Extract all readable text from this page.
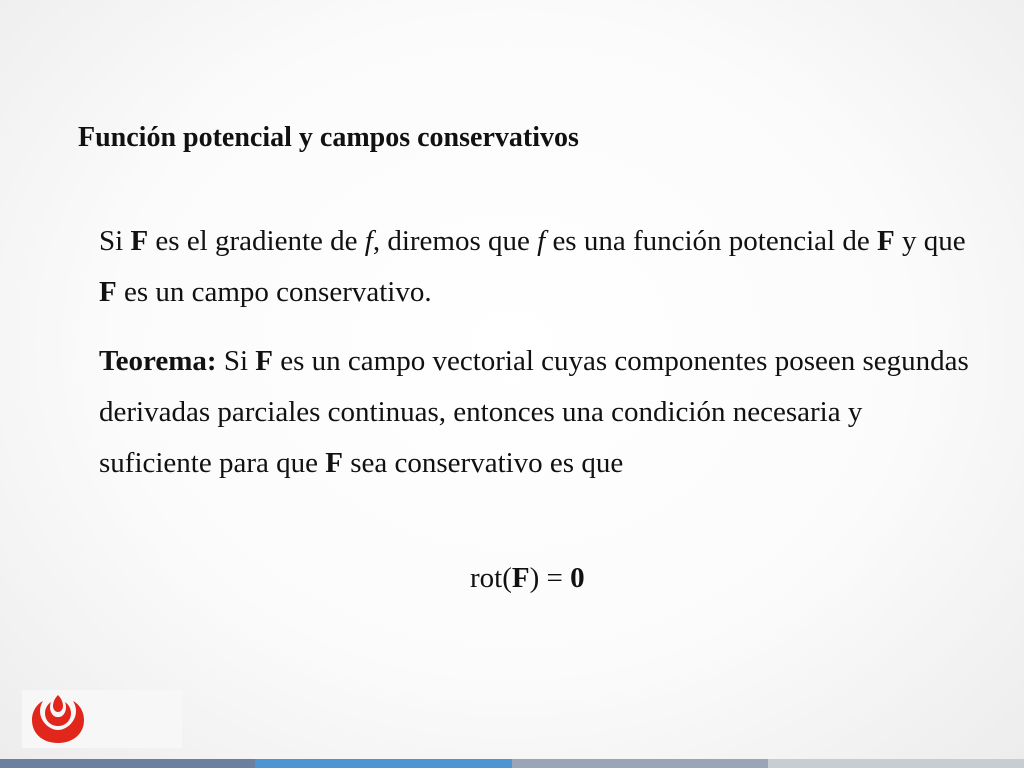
Función potencial y campos conservativos
Si F es el gradiente de f, diremos que f es una función potencial de F y que F es un campo conservativo.
Teorema: Si F es un campo vectorial cuyas componentes poseen segundas derivadas parciales continuas, entonces una condición necesaria y suficiente para que F sea conservativo es que
rot(F) = 0
